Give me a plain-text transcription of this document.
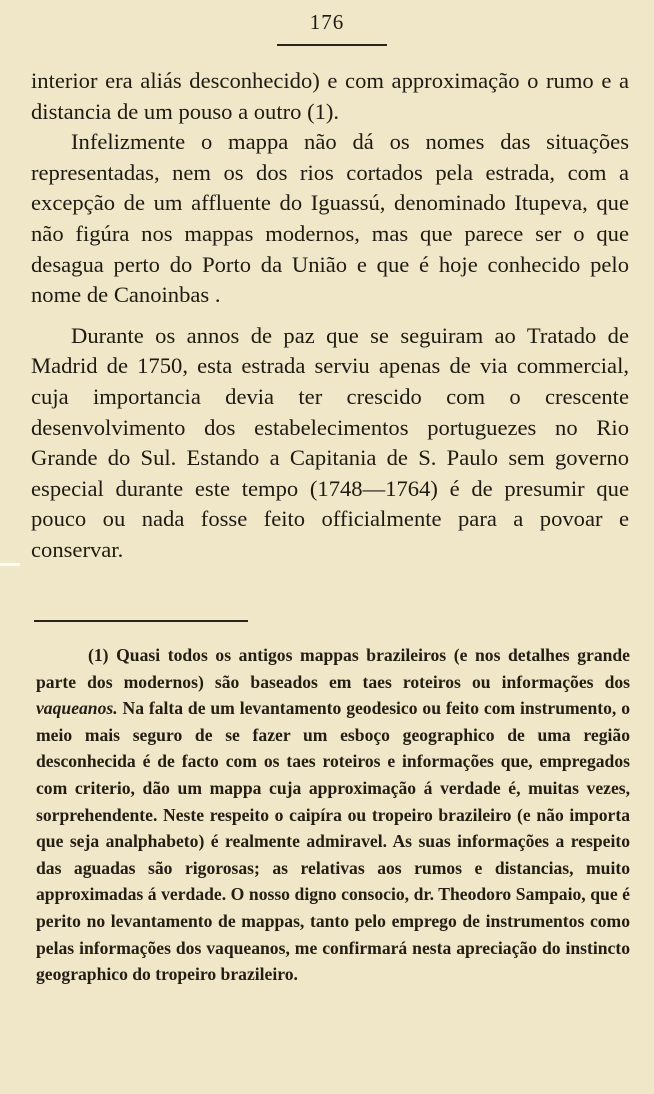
176

interior era aliás desconhecido) e com approximação o rumo e a distancia de um pouso a outro (1).

Infelizmente o mappa não dá os nomes das situações representadas, nem os dos rios cortados pela estrada, com a excepção de um affluente do Iguassú, denominado Itupeva, que não figúra nos mappas modernos, mas que parece ser o que desagua perto do Porto da União e que é hoje conhecido pelo nome de Canoinbas .

Durante os annos de paz que se seguiram ao Tratado de Madrid de 1750, esta estrada serviu apenas de via commercial, cuja importancia devia ter crescido com o crescente desenvolvimento dos estabelecimentos portuguezes no Rio Grande do Sul. Estando a Capitania de S. Paulo sem governo especial durante este tempo (1748—1764) é de presumir que pouco ou nada fosse feito officialmente para a povoar e conservar.

(1) Quasi todos os antigos mappas brazileiros (e nos detalhes grande parte dos modernos) são baseados em taes roteiros ou informações dos vaqueanos. Na falta de um levantamento geodesico ou feito com instrumento, o meio mais seguro de se fazer um esboço geographico de uma região desconhecida é de facto com os taes roteiros e informações que, empregados com criterio, dão um mappa cuja approximação á verdade é, muitas vezes, sorprehendente. Neste respeito o caipíra ou tropeiro brazileiro (e não importa que seja analphabeto) é realmente admiravel. As suas informações a respeito das aguadas são rigorosas; as relativas aos rumos e distancias, muito approximadas á verdade. O nosso digno consocio, dr. Theodoro Sampaio, que é perito no levantamento de mappas, tanto pelo emprego de instrumentos como pelas informações dos vaqueanos, me confirmará nesta apreciação do instincto geographico do tropeiro brazileiro.
